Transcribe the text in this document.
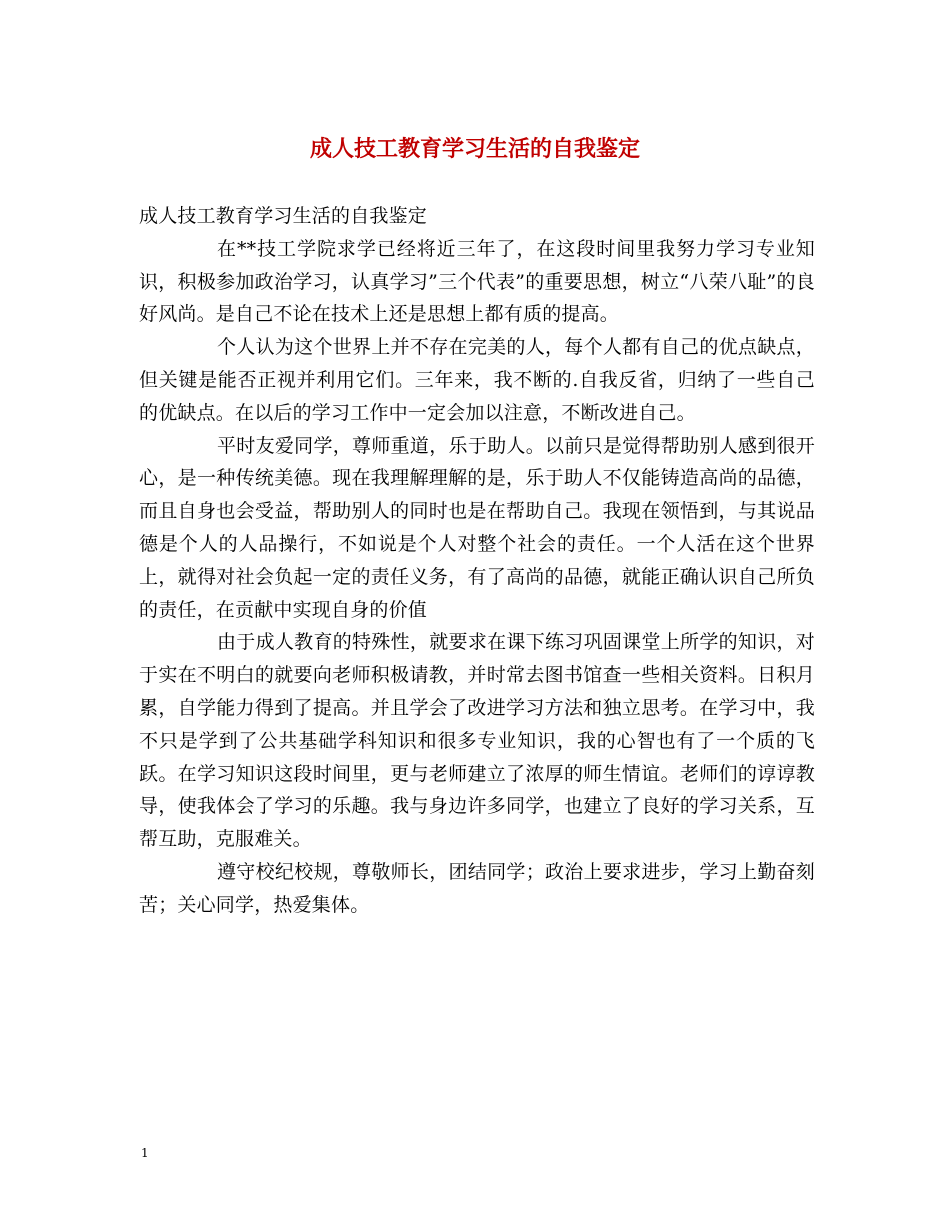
成人技工教育学习生活的自我鉴定

成人技工教育学习生活的自我鉴定

在**技工学院求学已经将近三年了，在这段时间里我努力学习专业知识，积极参加政治学习，认真学习”三个代表”的重要思想，树立“八荣八耻”的良好风尚。是自己不论在技术上还是思想上都有质的提高。

个人认为这个世界上并不存在完美的人，每个人都有自己的优点缺点，但关键是能否正视并利用它们。三年来，我不断的.自我反省，归纳了一些自己的优缺点。在以后的学习工作中一定会加以注意，不断改进自己。

平时友爱同学，尊师重道，乐于助人。以前只是觉得帮助别人感到很开心，是一种传统美德。现在我理解理解的是，乐于助人不仅能铸造高尚的品德，而且自身也会受益，帮助别人的同时也是在帮助自己。我现在领悟到，与其说品德是个人的人品操行，不如说是个人对整个社会的责任。一个人活在这个世界上，就得对社会负起一定的责任义务，有了高尚的品德，就能正确认识自己所负的责任，在贡献中实现自身的价值

由于成人教育的特殊性，就要求在课下练习巩固课堂上所学的知识，对于实在不明白的就要向老师积极请教，并时常去图书馆查一些相关资料。日积月累，自学能力得到了提高。并且学会了改进学习方法和独立思考。在学习中，我不只是学到了公共基础学科知识和很多专业知识，我的心智也有了一个质的飞跃。在学习知识这段时间里，更与老师建立了浓厚的师生情谊。老师们的谆谆教导，使我体会了学习的乐趣。我与身边许多同学，也建立了良好的学习关系，互帮互助，克服难关。

遵守校纪校规，尊敬师长，团结同学；政治上要求进步，学习上勤奋刻苦；关心同学，热爱集体。

1
